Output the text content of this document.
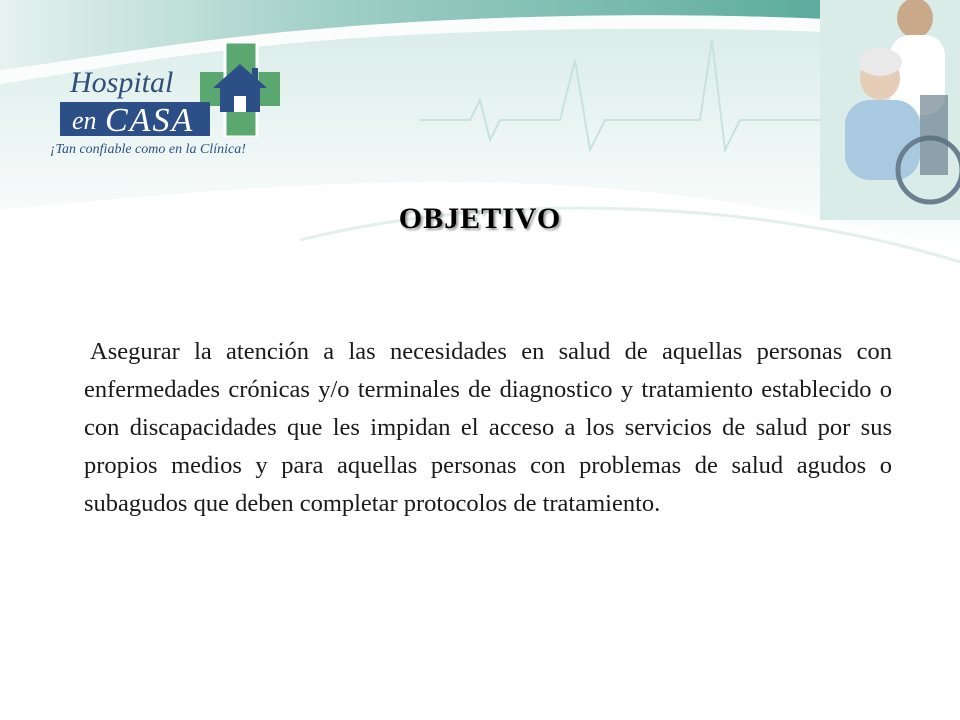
Hospital
en CASA
¡Tan confiable como en la Clínica!
OBJETIVO

Asegurar la atención a las necesidades en salud de aquellas personas con enfermedades crónicas y/o terminales de diagnostico y tratamiento establecido o con discapacidades que les impidan el acceso a los servicios de salud por sus propios medios y para aquellas personas con problemas de salud agudos o subagudos que deben completar protocolos de tratamiento.
